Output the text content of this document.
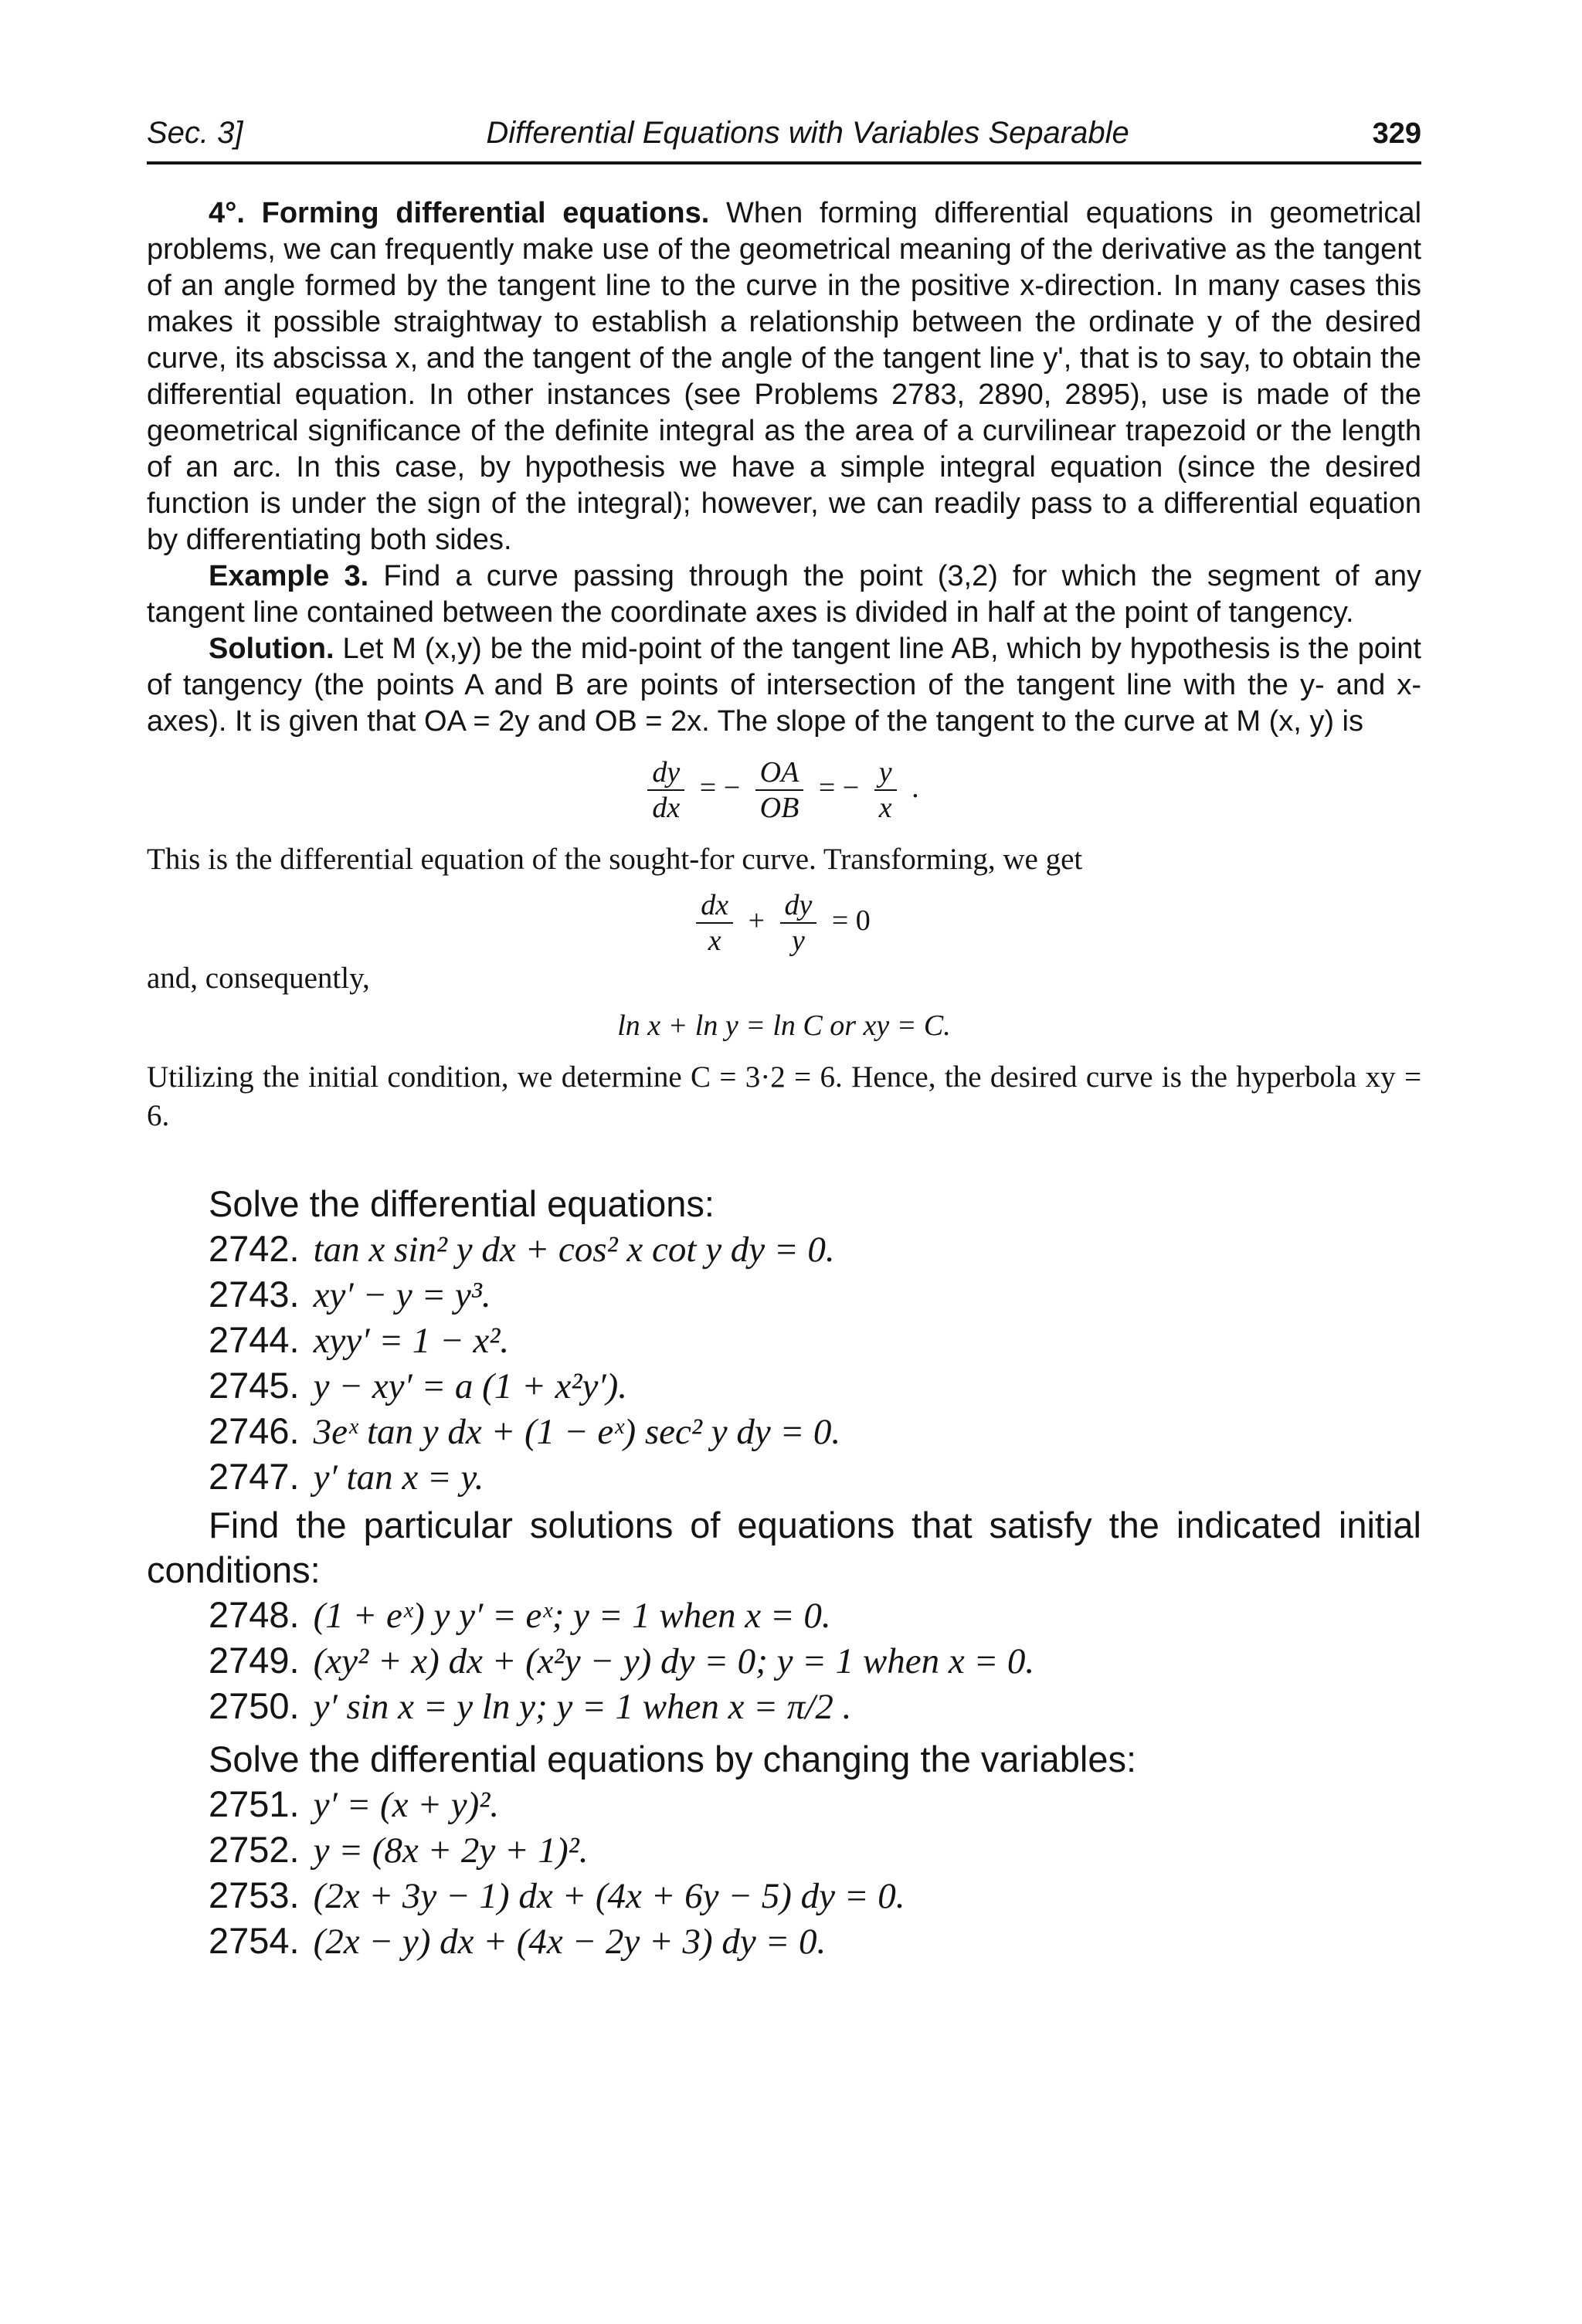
Sec. 3]	Differential Equations with Variables Separable	329

4°. Forming differential equations. When forming differential equations in geometrical problems, we can frequently make use of the geometrical meaning of the derivative as the tangent of an angle formed by the tangent line to the curve in the positive x-direction. In many cases this makes it possible straightway to establish a relationship between the ordinate y of the desired curve, its abscissa x, and the tangent of the angle of the tangent line y', that is to say, to obtain the differential equation. In other instances (see Problems 2783, 2890, 2895), use is made of the geometrical significance of the definite integral as the area of a curvilinear trapezoid or the length of an arc. In this case, by hypothesis we have a simple integral equation (since the desired function is under the sign of the integral); however, we can readily pass to a differential equation by differentiating both sides.

Example 3. Find a curve passing through the point (3,2) for which the segment of any tangent line contained between the coordinate axes is divided in half at the point of tangency.

Solution. Let M (x,y) be the mid-point of the tangent line AB, which by hypothesis is the point of tangency (the points A and B are points of intersection of the tangent line with the y- and x-axes). It is given that OA = 2y and OB = 2x. The slope of the tangent to the curve at M (x, y) is

$\frac{dy}{dx}$ = − $\frac{OA}{OB}$ = − $\frac{y}{x}$ .

This is the differential equation of the sought-for curve. Transforming, we get

$\frac{dx}{x} + \frac{dy}{y} = 0$

and, consequently,

ln x + ln y = ln C or xy = C.

Utilizing the initial condition, we determine C = 3·2 = 6. Hence, the desired curve is the hyperbola xy = 6.

Solve the differential equations:

2742. tan x sin² y dx + cos² x cot y dy = 0.
2743. xy′ − y = y³.
2744. xyy′ = 1 − x².
2745. y − xy′ = a (1 + x²y′).
2746. 3eˣ tan y dx + (1 − eˣ) sec² y dy = 0.
2747. y′ tan x = y.

Find the particular solutions of equations that satisfy the indicated initial conditions:

2748. (1 + eˣ) y y′ = eˣ; y = 1 when x = 0.
2749. (xy² + x) dx + (x²y − y) dy = 0; y = 1 when x = 0.
2750. y′ sin x = y ln y; y = 1 when x = π/2 .

Solve the differential equations by changing the variables:

2751. y′ = (x + y)².
2752. y = (8x + 2y + 1)².
2753. (2x + 3y − 1) dx + (4x + 6y − 5) dy = 0.
2754. (2x − y) dx + (4x − 2y + 3) dy = 0.
